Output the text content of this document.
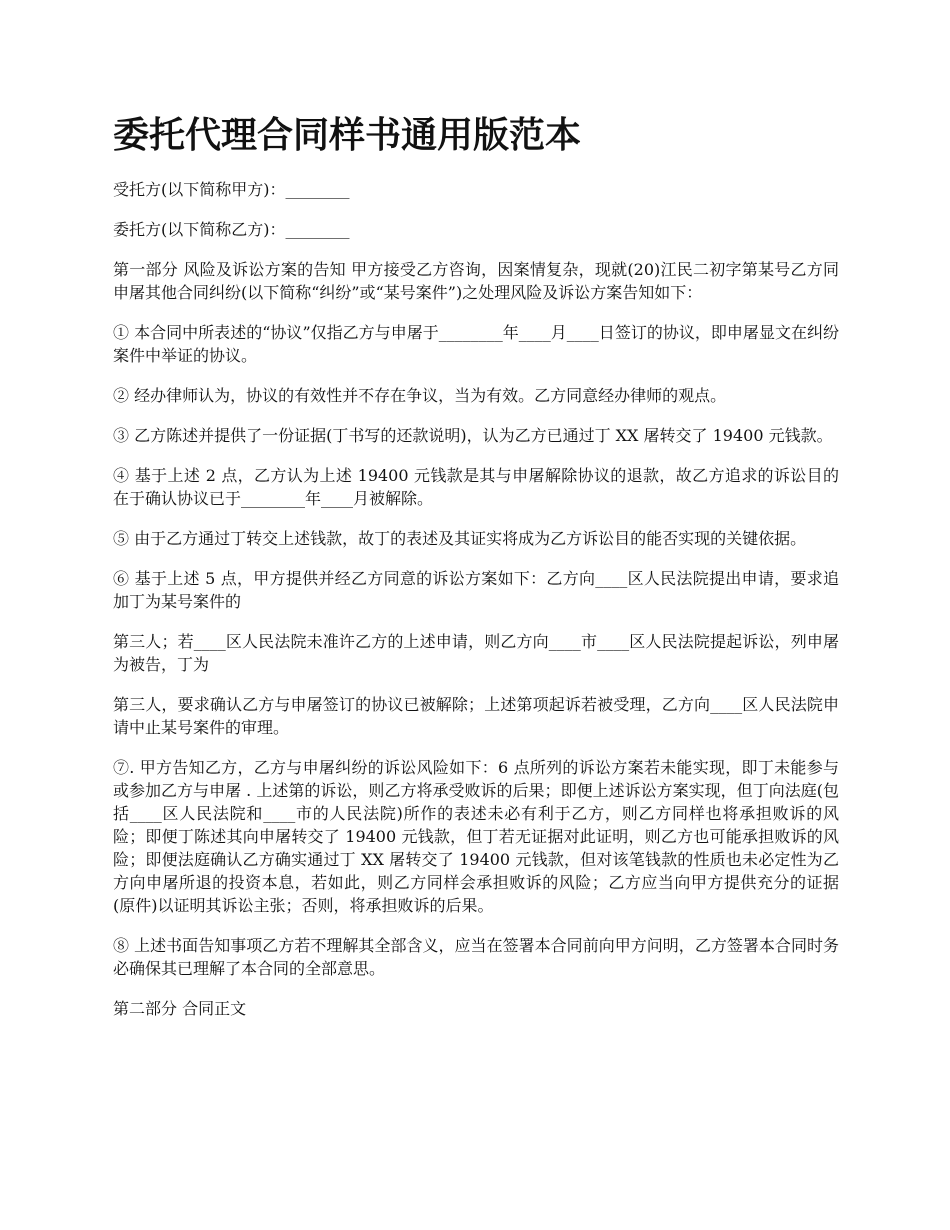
委托代理合同样书通用版范本

受托方(以下简称甲方)：________

委托方(以下简称乙方)：________

第一部分 风险及诉讼方案的告知 甲方接受乙方咨询，因案情复杂，现就(20)江民二初字第某号乙方同申屠其他合同纠纷(以下简称“纠纷”或“某号案件”)之处理风险及诉讼方案告知如下：

① 本合同中所表述的“协议”仅指乙方与申屠于________年____月____日签订的协议，即申屠显文在纠纷案件中举证的协议。

② 经办律师认为，协议的有效性并不存在争议，当为有效。乙方同意经办律师的观点。

③ 乙方陈述并提供了一份证据(丁书写的还款说明)，认为乙方已通过丁 XX 屠转交了 19400 元钱款。

④ 基于上述 2 点，乙方认为上述 19400 元钱款是其与申屠解除协议的退款，故乙方追求的诉讼目的在于确认协议已于________年____月被解除。

⑤ 由于乙方通过丁转交上述钱款，故丁的表述及其证实将成为乙方诉讼目的能否实现的关键依据。

⑥ 基于上述 5 点，甲方提供并经乙方同意的诉讼方案如下：乙方向____区人民法院提出申请，要求追加丁为某号案件的

第三人；若____区人民法院未准许乙方的上述申请，则乙方向____市____区人民法院提起诉讼，列申屠为被告，丁为

第三人，要求确认乙方与申屠签订的协议已被解除；上述第项起诉若被受理，乙方向____区人民法院申请中止某号案件的审理。

⑦. 甲方告知乙方，乙方与申屠纠纷的诉讼风险如下：6 点所列的诉讼方案若未能实现，即丁未能参与或参加乙方与申屠 . 上述第的诉讼，则乙方将承受败诉的后果；即便上述诉讼方案实现，但丁向法庭(包括____区人民法院和____市的人民法院)所作的表述未必有利于乙方，则乙方同样也将承担败诉的风险；即便丁陈述其向申屠转交了 19400 元钱款，但丁若无证据对此证明，则乙方也可能承担败诉的风险；即便法庭确认乙方确实通过丁 XX 屠转交了 19400 元钱款，但对该笔钱款的性质也未必定性为乙方向申屠所退的投资本息，若如此，则乙方同样会承担败诉的风险；乙方应当向甲方提供充分的证据(原件)以证明其诉讼主张；否则，将承担败诉的后果。

⑧ 上述书面告知事项乙方若不理解其全部含义，应当在签署本合同前向甲方问明，乙方签署本合同时务必确保其已理解了本合同的全部意思。

第二部分 合同正文
